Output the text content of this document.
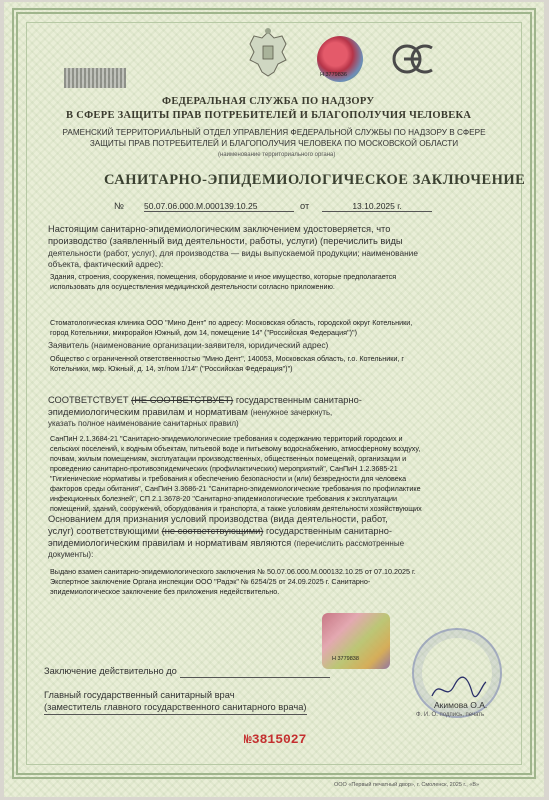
Н 3779836
ФЕДЕРАЛЬНАЯ СЛУЖБА ПО НАДЗОРУ
В СФЕРЕ ЗАЩИТЫ ПРАВ ПОТРЕБИТЕЛЕЙ И БЛАГОПОЛУЧИЯ ЧЕЛОВЕКА
РАМЕНСКИЙ ТЕРРИТОРИАЛЬНЫЙ ОТДЕЛ УПРАВЛЕНИЯ ФЕДЕРАЛЬНОЙ СЛУЖБЫ ПО НАДЗОРУ В СФЕРЕ
ЗАЩИТЫ ПРАВ ПОТРЕБИТЕЛЕЙ И БЛАГОПОЛУЧИЯ ЧЕЛОВЕКА ПО МОСКОВСКОЙ ОБЛАСТИ
(наименование территориального органа)
САНИТАРНО-ЭПИДЕМИОЛОГИЧЕСКОЕ ЗАКЛЮЧЕНИЕ
№ 50.07.06.000.М.000139.10.25	от	13.10.2025 г.
Настоящим санитарно-эпидемиологическим заключением удостоверяется, что
производство (заявленный вид деятельности, работы, услуги) (перечислить виды
деятельности (работ, услуг), для производства — виды выпускаемой продукции; наименование
объекта, фактический адрес):
Здания, строения, сооружения, помещения, оборудование и иное имущество, которые предполагается
использовать для осуществления медицинской деятельности согласно приложению.
Стоматологическая клиника ООО "Мино Дент" по адресу: Московская область, городской округ Котельники,
город Котельники, микрорайон Южный, дом 14, помещение 14" ("Российская Федерация")")
Заявитель (наименование организации-заявителя, юридический адрес)
Общество с ограниченной ответственностью "Мино Дент", 140053, Московская область, г.о. Котельники, г
Котельники, мкр. Южный, д. 14, эт/пом 1/14" ("Российская Федерация")")
СООТВЕТСТВУЕТ (НЕ СООТВЕТСТВУЕТ) государственным санитарно-
эпидемиологическим правилам и нормативам (ненужное зачеркнуть,
указать полное наименование санитарных правил)
СанПиН 2.1.3684-21 "Санитарно-эпидемиологические требования к содержанию территорий городских и
сельских поселений, к водным объектам, питьевой воде и питьевому водоснабжению, атмосферному воздуху,
почвам, жилым помещениям, эксплуатации производственных, общественных помещений, организации и
проведению санитарно-противоэпидемических (профилактических) мероприятий", СанПиН 1.2.3685-21
"Гигиенические нормативы и требования к обеспечению безопасности и (или) безвредности для человека
факторов среды обитания", СанПиН 3.3686-21 "Санитарно-эпидемиологические требования по профилактике
инфекционных болезней", СП 2.1.3678-20 "Санитарно-эпидемиологические требования к эксплуатации
помещений, зданий, сооружений, оборудования и транспорта, а также условиям деятельности хозяйствующих
Основанием для признания условий производства (вида деятельности, работ,
услуг) соответствующими (не соответствующими) государственным санитарно-
эпидемиологическим правилам и нормативам являются (перечислить рассмотренные
документы):
Выдано взамен санитарно-эпидемиологического заключения № 50.07.06.000.М.000132.10.25 от 07.10.2025 г.
Экспертное заключение Органа инспекции ООО "Радэк" № 6254/25 от 24.09.2025 г. Санитарно-
эпидемиологическое заключение без приложения недействительно.
Н 3779838
Заключение действительно до
Главный государственный санитарный врач
(заместитель главного государственного санитарного врача)	Акимова О.А.
Ф. И. О. подпись, печать
№3815027
ООО «Первый печатный двор», г. Смоленск, 2025 г., «В»
